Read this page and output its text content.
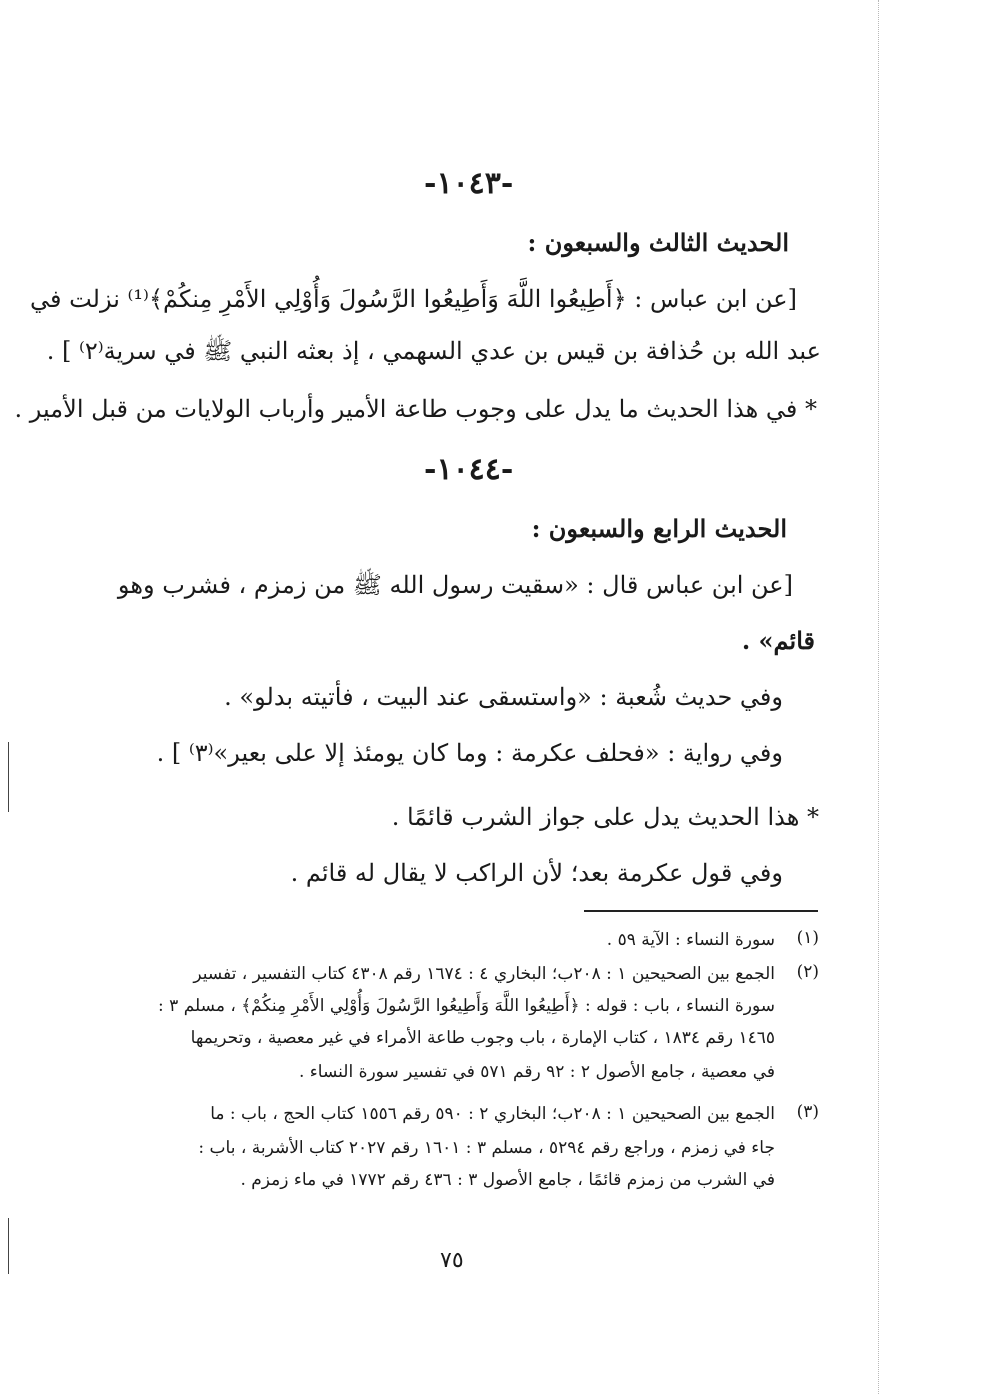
-١٠٤٣-
الحديث الثالث والسبعون :
[عن ابن عباس : ﴿أَطِيعُوا اللَّهَ وَأَطِيعُوا الرَّسُولَ وَأُوْلِي الأَمْرِ مِنكُمْ﴾⁽¹⁾ نزلت في
عبد الله بن حُذافة بن قيس بن عدي السهمي ، إذ بعثه النبي ﷺ في سرية⁽٢⁾ ] .
* في هذا الحديث ما يدل على وجوب طاعة الأمير وأرباب الولايات من قبل الأمير .
-١٠٤٤-
الحديث الرابع والسبعون :
[عن ابن عباس قال : «سقيت رسول الله ﷺ من زمزم ، فشرب وهو
قائم» .
وفي حديث شُعبة : «واستسقى عند البيت ، فأتيته بدلو» .
وفي رواية : «فحلف عكرمة : وما كان يومئذ إلا على بعير»⁽٣⁾ ] .
* هذا الحديث يدل على جواز الشرب قائمًا .
وفي قول عكرمة بعد؛ لأن الراكب لا يقال له قائم .
(١)
سورة النساء : الآية ٥٩ .
(٢)
الجمع بين الصحيحين ١ : ٢٠٨ب؛ البخاري ٤ : ١٦٧٤ رقم ٤٣٠٨ كتاب التفسير ، تفسير
سورة النساء ، باب : قوله : ﴿أَطِيعُوا اللَّهَ وَأَطِيعُوا الرَّسُولَ وَأُوْلِي الأَمْرِ مِنكُمْ﴾ ، مسلم ٣ :
١٤٦٥ رقم ١٨٣٤ ، كتاب الإمارة ، باب وجوب طاعة الأمراء في غير معصية ، وتحريمها
في معصية ، جامع الأصول ٢ : ٩٢ رقم ٥٧١ في تفسير سورة النساء .
(٣)
الجمع بين الصحيحين ١ : ٢٠٨ب؛ البخاري ٢ : ٥٩٠ رقم ١٥٥٦ كتاب الحج ، باب : ما
جاء في زمزم ، وراجع رقم ٥٢٩٤ ، مسلم ٣ : ١٦٠١ رقم ٢٠٢٧ كتاب الأشربة ، باب :
في الشرب من زمزم قائمًا ، جامع الأصول ٣ : ٤٣٦ رقم ١٧٧٢ في ماء زمزم .
٧٥
